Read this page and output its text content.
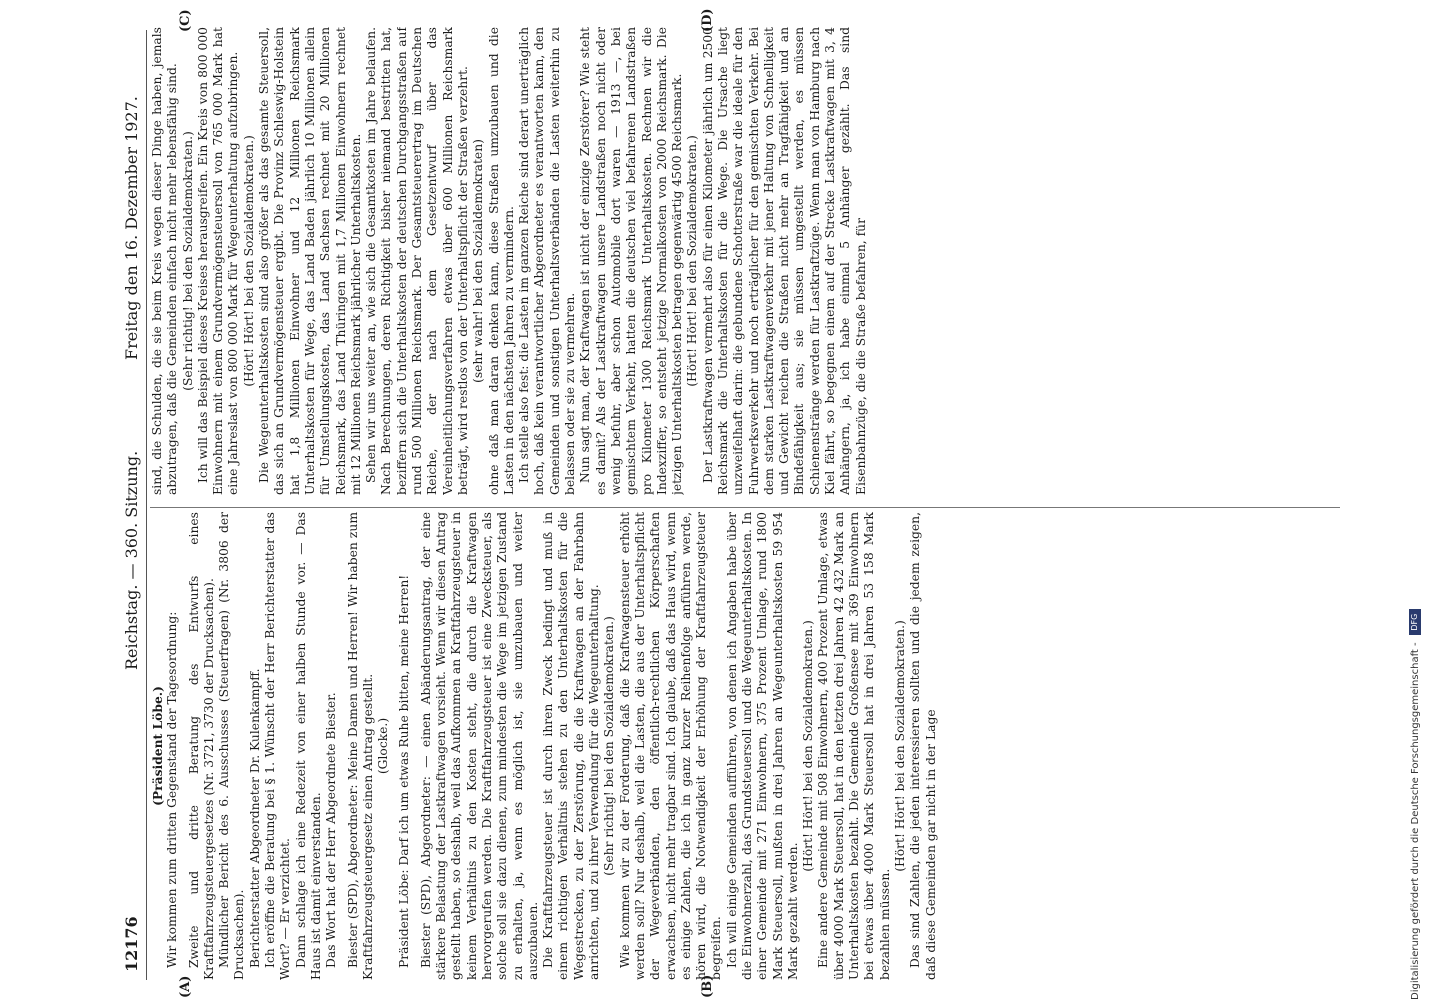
12176
Reichstag. — 360. Sitzung.
Freitag den 16. Dezember 1927.
(A)	(B)
(C)	(D)

(Präsident Löbe.) Wir kommen zum dritten Gegenstand der Tagesordnung: Zweite und dritte Beratung des Entwurfs eines Kraftfahrzeugsteuergesetzes (Nr. 3721, 3730 der Drucksachen). Mündlicher Bericht des 6. Ausschusses (Steuerfragen) (Nr. 3806 der Drucksachen). Berichterstatter Abgeordneter Dr. Kulenkampff. Ich eröffne die Beratung bei § 1. Wünscht der Herr Berichterstatter das Wort? — Er verzichtet. Dann schlage ich eine Redezeit von einer halben Stunde vor. — Das Haus ist damit einverstanden. Das Wort hat der Herr Abgeordnete Biester. Biester (SPD), Abgeordneter: Meine Damen und Herren! Wir haben zum Kraftfahrzeugsteuergesetz einen Antrag gestellt. (Glocke.) Präsident Löbe: Darf ich um etwas Ruhe bitten, meine Herren! Biester (SPD), Abgeordneter: — einen Abänderungsantrag, der eine stärkere Belastung der Lastkraftwagen vorsieht. Wenn wir diesen Antrag gestellt haben, so deshalb, weil das Aufkommen an Kraftfahrzeugsteuer in keinem Verhältnis zu den Kosten steht, die durch die Kraftwagen hervorgerufen werden. Die Kraftfahrzeugsteuer ist eine Zwecksteuer, als solche soll sie dazu dienen, zum mindesten die Wege im jetzigen Zustand zu erhalten, ja, wenn es möglich ist, sie umzubauen und weiter auszubauen. Die Kraftfahrzeugsteuer ist durch ihren Zweck bedingt und muß in einem richtigen Verhältnis stehen zu den Unterhaltskosten für die Wegestrecken, zu der Zerstörung, die die Kraftwagen an der Fahrbahn anrichten, und zu ihrer Verwendung für die Wegeunterhaltung. (Sehr richtig! bei den Sozialdemokraten.) Wie kommen wir zu der Forderung, daß die Kraftwagensteuer erhöht werden soll? Nur deshalb, weil die Lasten, die aus der Unterhaltspflicht der Wegeverbänden, den öffentlich-rechtlichen Körperschaften erwachsen, nicht mehr tragbar sind. Ich glaube, daß das Haus wird, wenn es einige Zahlen, die ich in ganz kurzer Reihenfolge anführen werde, hören wird, die Notwendigkeit der Erhöhung der Kraftfahrzeugsteuer begreifen. Ich will einige Gemeinden aufführen, von denen ich Angaben habe über die Einwohnerzahl, das Grundsteuersoll und die Wegeunterhaltskosten. In einer Gemeinde mit 271 Einwohnern, 375 Prozent Umlage, rund 1800 Mark Steuersoll, mußten in drei Jahren an Wegeunterhaltskosten 59 954 Mark gezahlt werden.

(Hört! Hört! bei den Sozialdemokraten.) Eine andere Gemeinde mit 508 Einwohnern, 400 Prozent Umlage, etwas über 4000 Mark Steuersoll, hat in den letzten drei Jahren 42 432 Mark an Unterhaltskosten bezahlt. Die Gemeinde Großensee mit 369 Einwohnern bei etwas über 4000 Mark Steuersoll hat in drei Jahren 53 158 Mark bezahlen müssen.

(Hört! Hört! bei den Sozialdemokraten.) Das sind Zahlen, die jeden interessieren sollten und die jedem zeigen, daß diese Gemeinden gar nicht in der Lage

sind, die Schulden, die sie beim Kreis wegen dieser Dinge haben, jemals abzutragen, daß die Gemeinden einfach nicht mehr lebensfähig sind. (Sehr richtig! bei den Sozialdemokraten.) Ich will das Beispiel dieses Kreises herausgreifen. Ein Kreis von 800 000 Einwohnern mit einem Grundvermögensteuersoll von 765 000 Mark hat eine Jahreslast von 800 000 Mark für Wegeunterhaltung aufzubringen. (Hört! Hört! bei den Sozialdemokraten.) Die Wegeunterhaltskosten sind also größer als das gesamte Steuersoll, das sich an Grundvermögensteuer ergibt. Die Provinz Schleswig-Holstein hat 1,8 Millionen Einwohner und 12 Millionen Reichsmark Unterhaltskosten für Wege, das Land Baden jährlich 10 Millionen allein für Umstellungskosten, das Land Sachsen rechnet mit 20 Millionen Reichsmark, das Land Thüringen mit 1,7 Millionen Einwohnern rechnet mit 12 Millionen Reichsmark jährlicher Unterhaltskosten. Sehen wir uns weiter an, wie sich die Gesamtkosten im Jahre belaufen. Nach Berechnungen, deren Richtigkeit bisher niemand bestritten hat, beziffern sich die Unterhaltskosten der deutschen Durchgangsstraßen auf rund 500 Millionen Reichsmark. Der Gesamtsteuerertrag im Deutschen Reiche, der nach dem Gesetzentwurf über das Vereinheitlichungsverfahren etwas über 600 Millionen Reichsmark beträgt, wird restlos von der Unterhaltspflicht der Straßen verzehrt. (sehr wahr! bei den Sozialdemokraten) ohne daß man daran denken kann, diese Straßen umzubauen und die Lasten in den nächsten Jahren zu vermindern. Ich stelle also fest: die Lasten im ganzen Reiche sind derart unerträglich hoch, daß kein verantwortlicher Abgeordneter es verantworten kann, den Gemeinden und sonstigen Unterhaltsverbänden die Lasten weiterhin zu belassen oder sie zu vermehren. Nun sagt man, der Kraftwagen ist nicht der einzige Zerstörer? Wie steht es damit? Als der Lastkraftwagen unsere Landstraßen noch nicht oder wenig befuhr, aber schon Automobile dort waren — 1913 —, bei gemischtem Verkehr, hatten die deutschen viel befahrenen Landstraßen pro Kilometer 1300 Reichsmark Unterhaltskosten. Rechnen wir die Indexziffer, so entsteht jetzige Normalkosten von 2000 Reichsmark. Die jetzigen Unterhaltskosten betragen gegenwärtig 4500 Reichsmark. (Hört! Hört! bei den Sozialdemokraten.) Der Lastkraftwagen vermehrt also für einen Kilometer jährlich um 2500 Reichsmark die Unterhaltskosten für die Wege. Die Ursache liegt unzweifelhaft darin: die gebundene Schotterstraße war die ideale für den Fuhrwerksverkehr und noch erträglicher für den gemischten Verkehr. Bei dem starken Lastkraftwagenverkehr mit jener Haltung von Schnelligkeit und Gewicht reichen die Straßen nicht mehr an Tragfähigkeit und an Bindefähigkeit aus; sie müssen umgestellt werden, es müssen Schienenstränge werden für Lastkraftzüge. Wenn man von Hamburg nach Kiel fährt, so begegnen einem auf der Strecke Lastkraftwagen mit 3, 4 Anhängern, ja, ich habe einmal 5 Anhänger gezählt. Das sind Eisenbahnzüge, die die Straße befahren, für

Digitalisierung gefördert durch die Deutsche Forschungsgemeinschaft - DFG
